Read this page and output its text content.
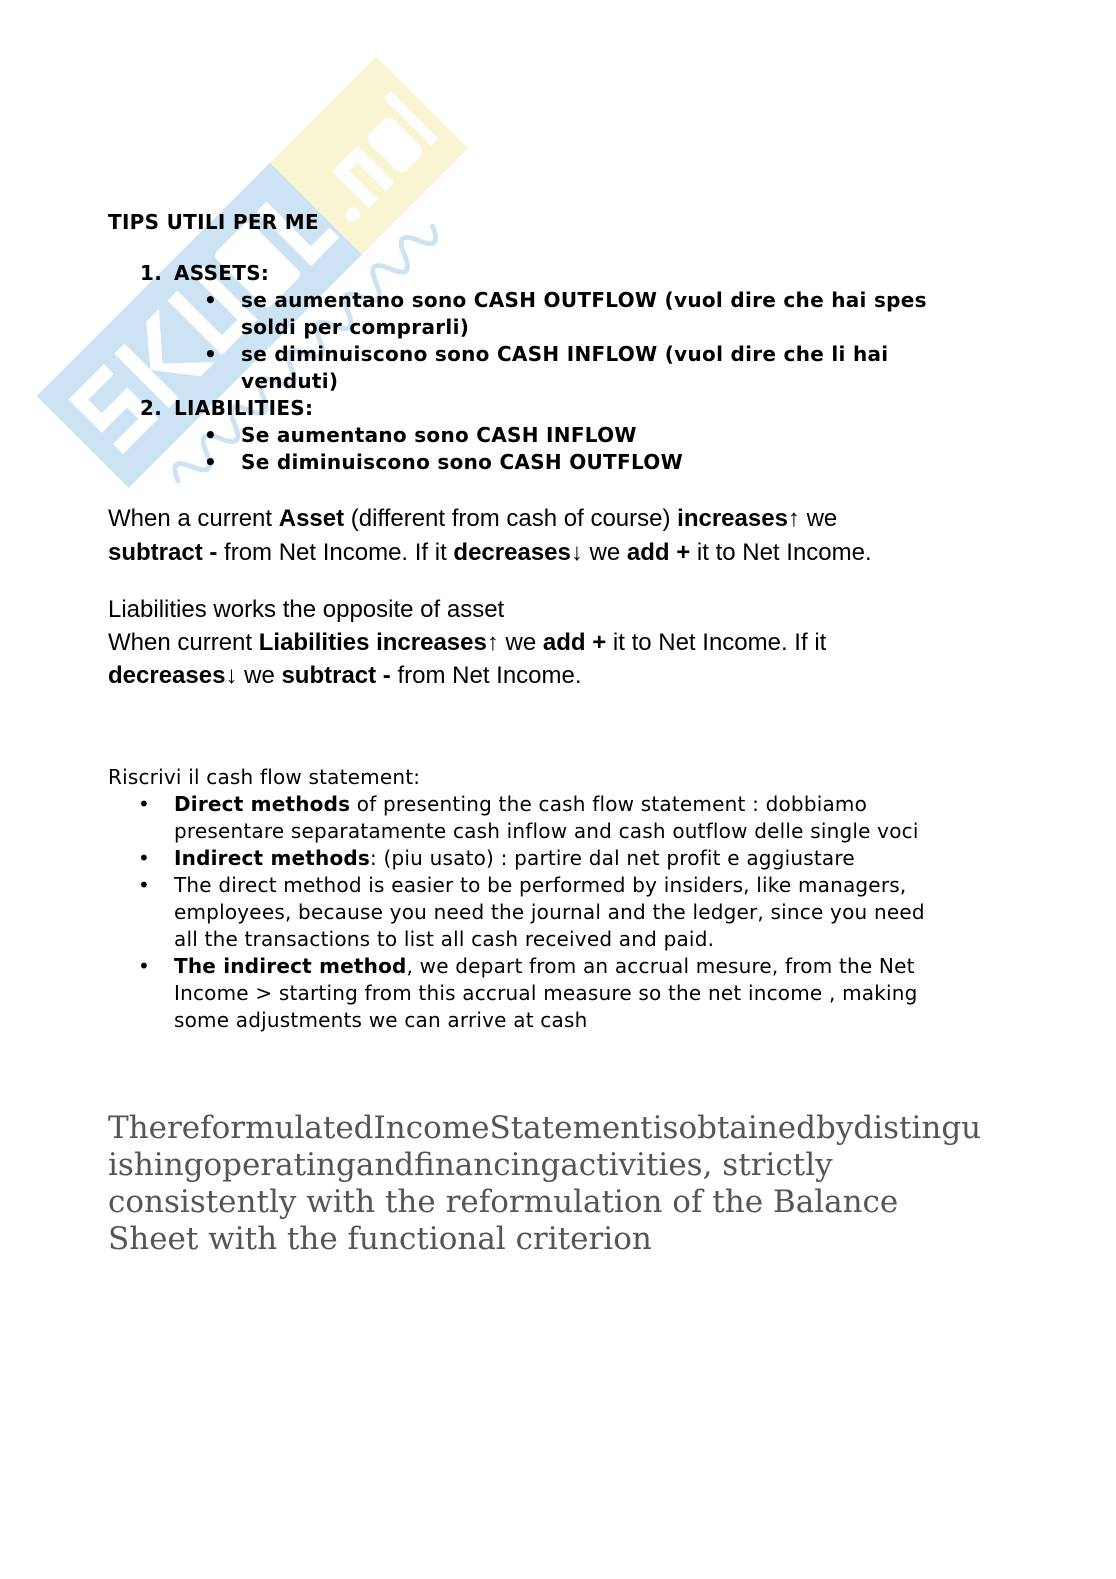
TIPS UTILI PER ME
1. ASSETS:
• se aumentano sono CASH OUTFLOW (vuol dire che hai spes
soldi per comprarli)
• se diminuiscono sono CASH INFLOW (vuol dire che li hai
venduti)
2. LIABILITIES:
• Se aumentano sono CASH INFLOW
• Se diminuiscono sono CASH OUTFLOW
When a current Asset (different from cash of course) increases↑ we
subtract - from Net Income. If it decreases↓ we add + it to Net Income.
Liabilities works the opposite of asset
When current Liabilities increases↑ we add + it to Net Income. If it
decreases↓ we subtract - from Net Income.
Riscrivi il cash flow statement:
• Direct methods of presenting the cash flow statement : dobbiamo
presentare separatamente cash inflow and cash outflow delle single voci
• Indirect methods: (piu usato) : partire dal net profit e aggiustare
• The direct method is easier to be performed by insiders, like managers,
employees, because you need the journal and the ledger, since you need
all the transactions to list all cash received and paid.
• The indirect method, we depart from an accrual mesure, from the Net
Income > starting from this accrual measure so the net income , making
some adjustments we can arrive at cash
ThereformulatedIncomeStatementisobtainedbydistingu
ishingoperatingandfinancingactivities, strictly
consistently with the reformulation of the Balance
Sheet with the functional criterion
